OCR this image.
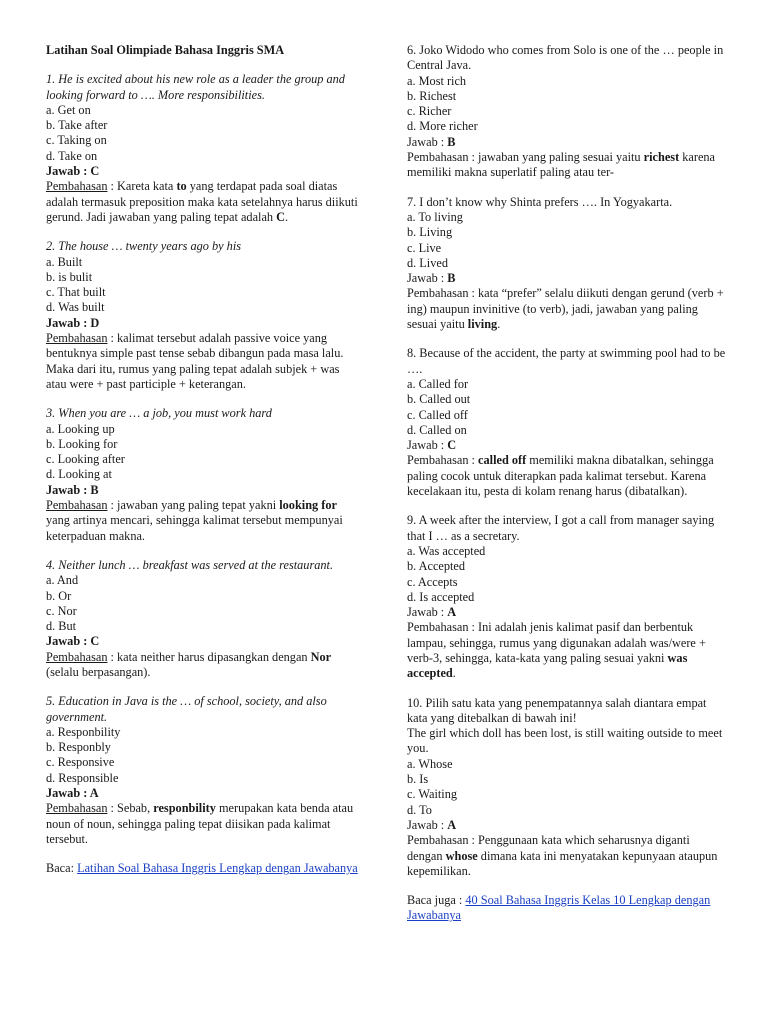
Latihan Soal Olimpiade Bahasa Inggris SMA
1. He is excited about his new role as a leader the group and looking forward to …. More responsibilities.
a. Get on
b. Take after
c. Taking on
d. Take on
Jawab : C
Pembahasan : Kareta kata to yang terdapat pada soal diatas adalah termasuk preposition maka kata setelahnya harus diikuti gerund. Jadi jawaban yang paling tepat adalah C.
2. The house … twenty years ago by his
a. Built
b. is bulit
c. That built
d. Was built
Jawab : D
Pembahasan : kalimat tersebut adalah passive voice yang bentuknya simple past tense sebab dibangun pada masa lalu. Maka dari itu, rumus yang paling tepat adalah subjek + was atau were + past participle + keterangan.
3. When you are … a job, you must work hard
a. Looking up
b. Looking for
c. Looking after
d. Looking at
Jawab : B
Pembahasan : jawaban yang paling tepat yakni looking for yang artinya mencari, sehingga kalimat tersebut mempunyai keterpaduan makna.
4. Neither lunch … breakfast was served at the restaurant.
a. And
b. Or
c. Nor
d. But
Jawab : C
Pembahasan : kata neither harus dipasangkan dengan Nor (selalu berpasangan).
5. Education in Java is the … of school, society, and also government.
a. Responbility
b. Responbly
c. Responsive
d. Responsible
Jawab : A
Pembahasan : Sebab, responbility merupakan kata benda atau noun of noun, sehingga paling tepat diisikan pada kalimat tersebut.
Baca: Latihan Soal Bahasa Inggris Lengkap dengan Jawabanya
6. Joko Widodo who comes from Solo is one of the … people in Central Java.
a. Most rich
b. Richest
c. Richer
d. More richer
Jawab : B
Pembahasan : jawaban yang paling sesuai yaitu richest karena memiliki makna superlatif paling atau ter-
7. I don’t know why Shinta prefers …. In Yogyakarta.
a. To living
b. Living
c. Live
d. Lived
Jawab : B
Pembahasan : kata “prefer” selalu diikuti dengan gerund (verb + ing) maupun invinitive (to verb), jadi, jawaban yang paling sesuai yaitu living.
8. Because of the accident, the party at swimming pool had to be ….
a. Called for
b. Called out
c. Called off
d. Called on
Jawab : C
Pembahasan : called off memiliki makna dibatalkan, sehingga paling cocok untuk diterapkan pada kalimat tersebut. Karena kecelakaan itu, pesta di kolam renang harus (dibatalkan).
9. A week after the interview, I got a call from manager saying that I … as a secretary.
a. Was accepted
b. Accepted
c. Accepts
d. Is accepted
Jawab : A
Pembahasan : Ini adalah jenis kalimat pasif dan berbentuk lampau, sehingga, rumus yang digunakan adalah was/were + verb-3, sehingga, kata-kata yang paling sesuai yakni was accepted.
10. Pilih satu kata yang penempatannya salah diantara empat kata yang ditebalkan di bawah ini!
The girl which doll has been lost, is still waiting outside to meet you.
a. Whose
b. Is
c. Waiting
d. To
Jawab : A
Pembahasan : Penggunaan kata which seharusnya diganti dengan whose dimana kata ini menyatakan kepunyaan ataupun kepemilikan.
Baca juga : 40 Soal Bahasa Inggris Kelas 10 Lengkap dengan Jawabanya
